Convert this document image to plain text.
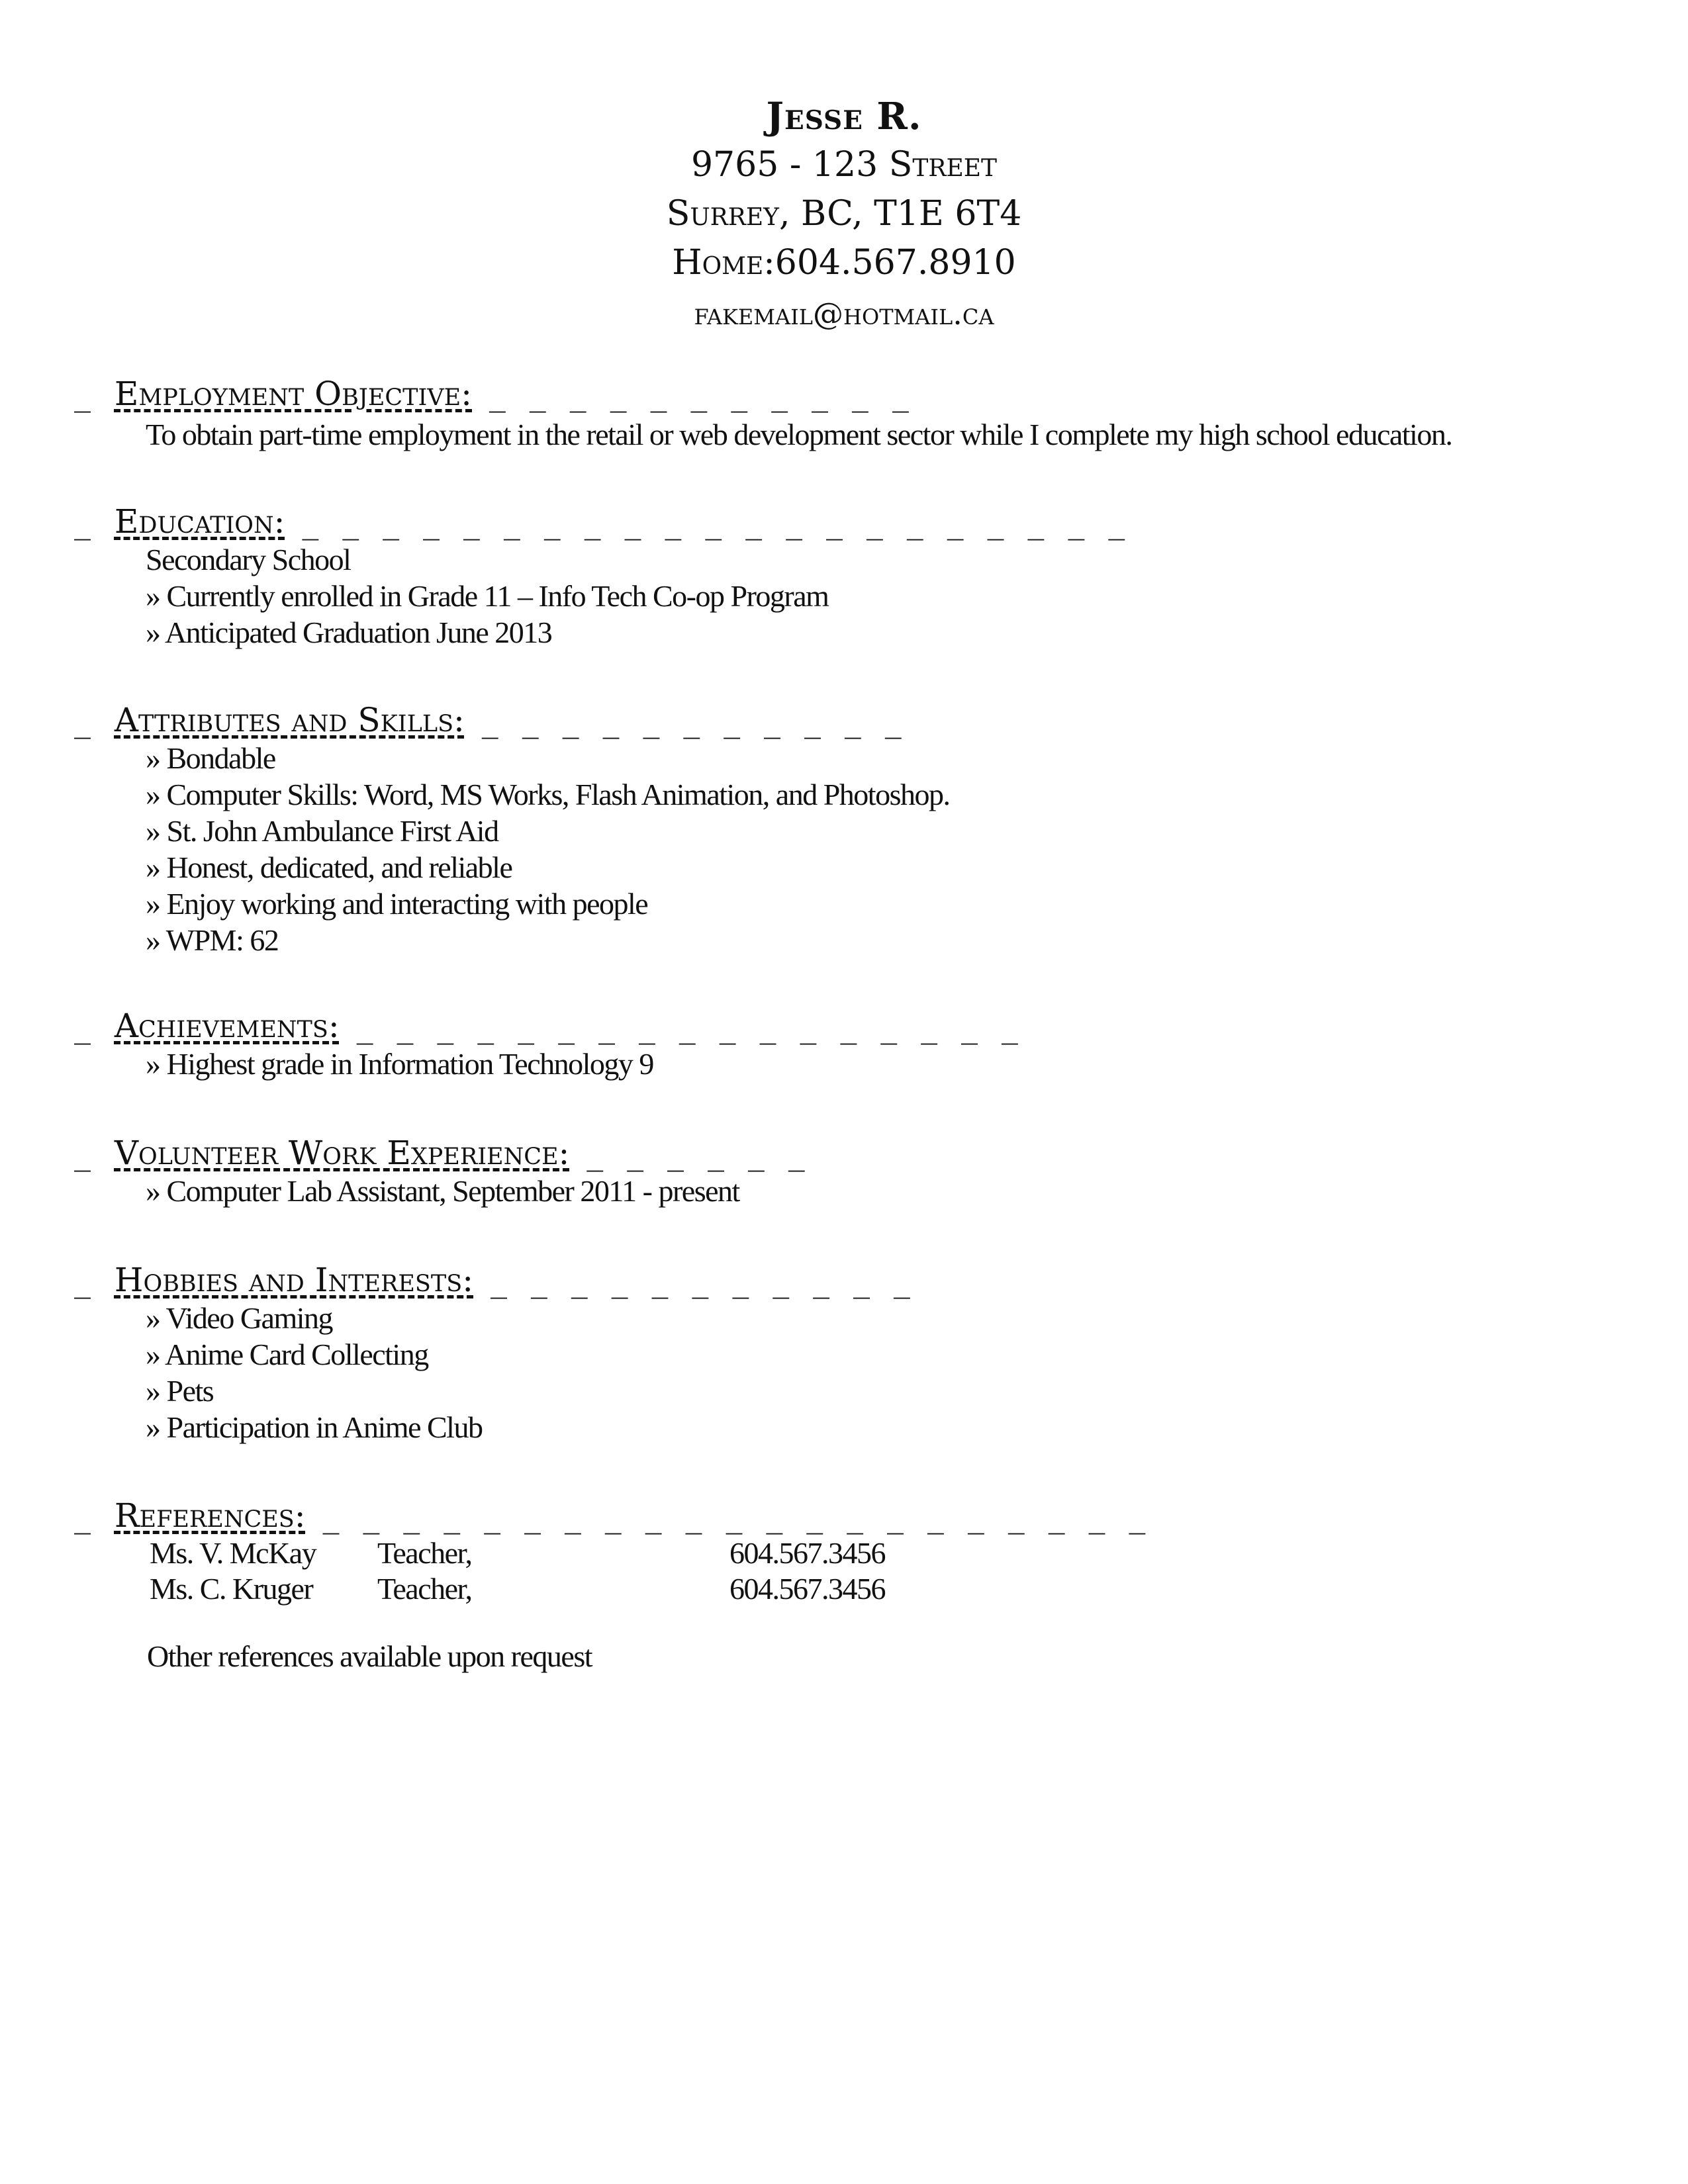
Jesse R.
9765 - 123 Street
Surrey, BC, T1E 6T4
Home:604.567.8910
fakemail@hotmail.ca
_ Employment Objective: _ _ _ _ _ _ _ _ _ _ _
To obtain part-time employment in the retail or web development sector while I complete my high school education.
_ Education: _ _ _ _ _ _ _ _ _ _ _ _ _ _ _ _ _ _ _ _ _
Secondary School
» Currently enrolled in Grade 11 – Info Tech Co-op Program
» Anticipated Graduation June 2013
_ Attributes and Skills: _ _ _ _ _ _ _ _ _ _ _
» Bondable
» Computer Skills: Word, MS Works, Flash Animation, and Photoshop.
» St. John Ambulance First Aid
» Honest, dedicated, and reliable
» Enjoy working and interacting with people
» WPM: 62
_ Achievements: _ _ _ _ _ _ _ _ _ _ _ _ _ _ _ _ _
» Highest grade in Information Technology 9
_ Volunteer Work Experience: _ _ _ _ _ _
» Computer Lab Assistant, September 2011 - present
_ Hobbies and Interests: _ _ _ _ _ _ _ _ _ _ _
» Video Gaming
» Anime Card Collecting
» Pets
» Participation in Anime Club
_ References: _ _ _ _ _ _ _ _ _ _ _ _ _ _ _ _ _ _ _ _ _
Ms. V. McKay Teacher,	604.567.3456
Ms. C. Kruger Teacher,	604.567.3456
Other references available upon request
